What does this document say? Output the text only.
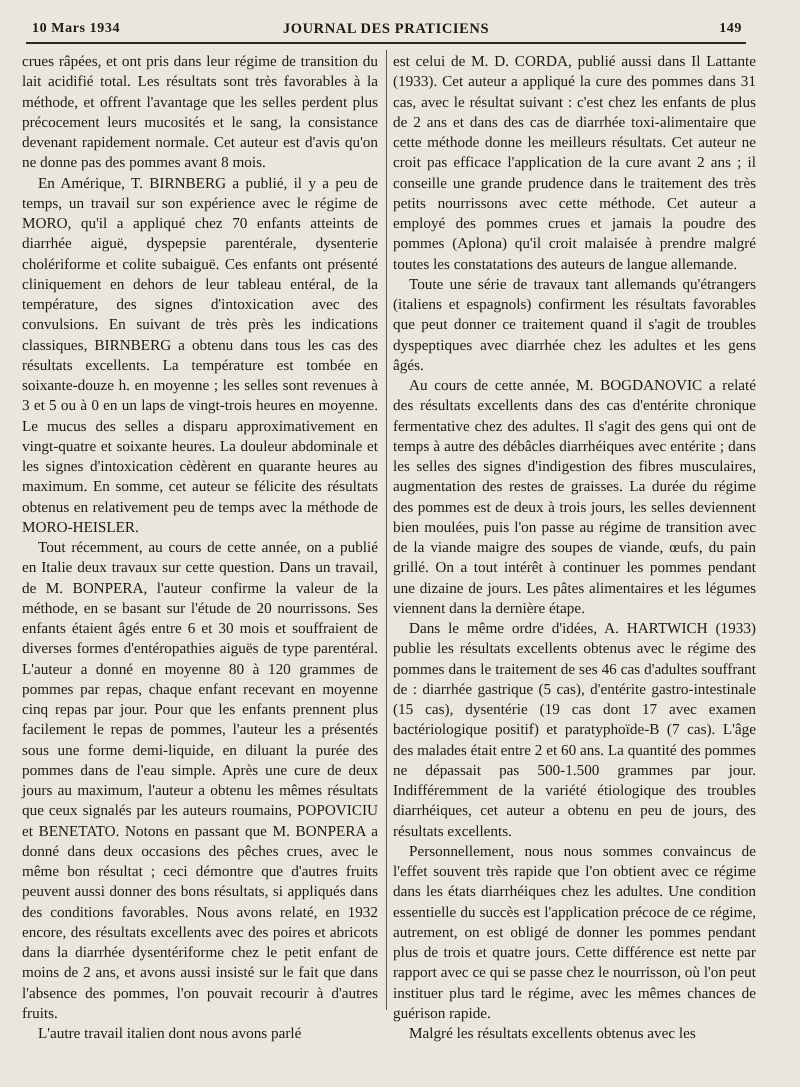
10 Mars 1934	JOURNAL DES PRATICIENS	149

crues râpées, et ont pris dans leur régime de transition du lait acidifié total. Les résultats sont très favorables à la méthode, et offrent l'avantage que les selles perdent plus précocement leurs mucosités et le sang, la consistance devenant rapidement normale. Cet auteur est d'avis qu'on ne donne pas des pommes avant 8 mois.

En Amérique, T. BIRNBERG a publié, il y a peu de temps, un travail sur son expérience avec le régime de MORO, qu'il a appliqué chez 70 enfants atteints de diarrhée aiguë, dyspepsie parentérale, dysenterie cholériforme et colite subaiguë. Ces enfants ont présenté cliniquement en dehors de leur tableau entéral, de la température, des signes d'intoxication avec des convulsions. En suivant de très près les indications classiques, BIRNBERG a obtenu dans tous les cas des résultats excellents. La température est tombée en soixante-douze h. en moyenne ; les selles sont revenues à 3 et 5 ou à 0 en un laps de vingt-trois heures en moyenne. Le mucus des selles a disparu approximativement en vingt-quatre et soixante heures. La douleur abdominale et les signes d'intoxication cèdèrent en quarante heures au maximum. En somme, cet auteur se félicite des résultats obtenus en relativement peu de temps avec la méthode de MORO-HEISLER.

Tout récemment, au cours de cette année, on a publié en Italie deux travaux sur cette question. Dans un travail, de M. BONPERA, l'auteur confirme la valeur de la méthode, en se basant sur l'étude de 20 nourrissons. Ses enfants étaient âgés entre 6 et 30 mois et souffraient de diverses formes d'entéropathies aiguës de type parentéral. L'auteur a donné en moyenne 80 à 120 grammes de pommes par repas, chaque enfant recevant en moyenne cinq repas par jour. Pour que les enfants prennent plus facilement le repas de pommes, l'auteur les a présentés sous une forme demi-liquide, en diluant la purée des pommes dans de l'eau simple. Après une cure de deux jours au maximum, l'auteur a obtenu les mêmes résultats que ceux signalés par les auteurs roumains, POPOVICIU et BENETATO. Notons en passant que M. BONPERA a donné dans deux occasions des pêches crues, avec le même bon résultat ; ceci démontre que d'autres fruits peuvent aussi donner des bons résultats, si appliqués dans des conditions favorables. Nous avons relaté, en 1932 encore, des résultats excellents avec des poires et abricots dans la diarrhée dysentériforme chez le petit enfant de moins de 2 ans, et avons aussi insisté sur le fait que dans l'absence des pommes, l'on pouvait recourir à d'autres fruits.

L'autre travail italien dont nous avons parlé

est celui de M. D. CORDA, publié aussi dans Il Lattante (1933). Cet auteur a appliqué la cure des pommes dans 31 cas, avec le résultat suivant : c'est chez les enfants de plus de 2 ans et dans des cas de diarrhée toxi-alimentaire que cette méthode donne les meilleurs résultats. Cet auteur ne croit pas efficace l'application de la cure avant 2 ans ; il conseille une grande prudence dans le traitement des très petits nourrissons avec cette méthode. Cet auteur a employé des pommes crues et jamais la poudre des pommes (Aplona) qu'il croit malaisée à prendre malgré toutes les constatations des auteurs de langue allemande.

Toute une série de travaux tant allemands qu'étrangers (italiens et espagnols) confirment les résultats favorables que peut donner ce traitement quand il s'agit de troubles dyspeptiques avec diarrhée chez les adultes et les gens âgés.

Au cours de cette année, M. BOGDANOVIC a relaté des résultats excellents dans des cas d'entérite chronique fermentative chez des adultes. Il s'agit des gens qui ont de temps à autre des débâcles diarrhéiques avec entérite ; dans les selles des signes d'indigestion des fibres musculaires, augmentation des restes de graisses. La durée du régime des pommes est de deux à trois jours, les selles deviennent bien moulées, puis l'on passe au régime de transition avec de la viande maigre des soupes de viande, œufs, du pain grillé. On a tout intérêt à continuer les pommes pendant une dizaine de jours. Les pâtes alimentaires et les légumes viennent dans la dernière étape.

Dans le même ordre d'idées, A. HARTWICH (1933) publie les résultats excellents obtenus avec le régime des pommes dans le traitement de ses 46 cas d'adultes souffrant de : diarrhée gastrique (5 cas), d'entérite gastro-intestinale (15 cas), dysentérie (19 cas dont 17 avec examen bactériologique positif) et paratyphoïde-B (7 cas). L'âge des malades était entre 2 et 60 ans. La quantité des pommes ne dépassait pas 500-1.500 grammes par jour. Indifféremment de la variété étiologique des troubles diarrhéiques, cet auteur a obtenu en peu de jours, des résultats excellents.

Personnellement, nous nous sommes convaincus de l'effet souvent très rapide que l'on obtient avec ce régime dans les états diarrhéiques chez les adultes. Une condition essentielle du succès est l'application précoce de ce régime, autrement, on est obligé de donner les pommes pendant plus de trois et quatre jours. Cette différence est nette par rapport avec ce qui se passe chez le nourrisson, où l'on peut instituer plus tard le régime, avec les mêmes chances de guérison rapide.

Malgré les résultats excellents obtenus avec les
